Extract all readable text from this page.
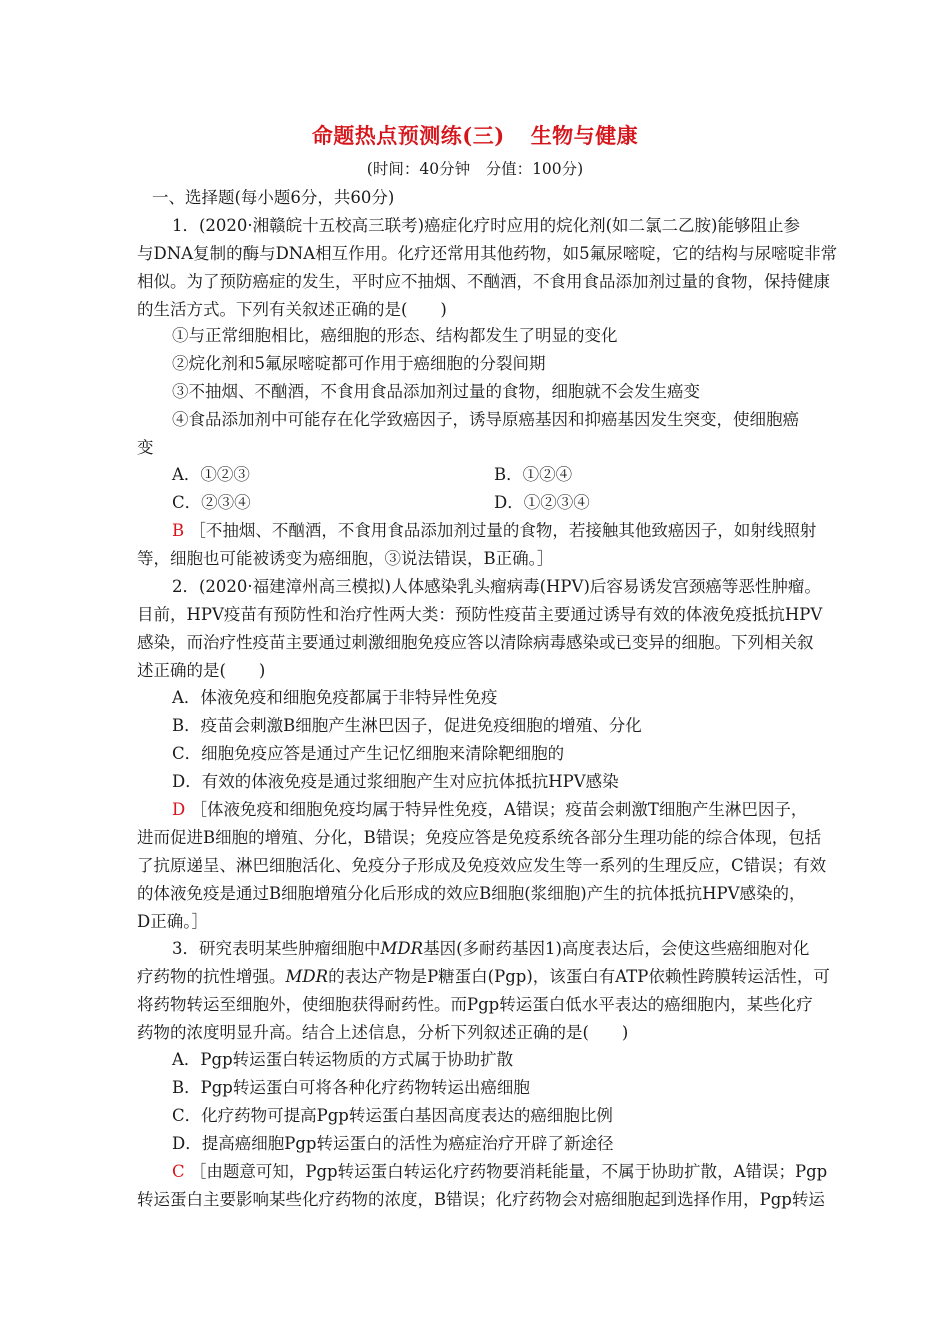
命题热点预测练(三) 生物与健康
(时间：40分钟　分值：100分)
一、选择题(每小题6分，共60分)
1．(2020·湘赣皖十五校高三联考)癌症化疗时应用的烷化剂(如二氯二乙胺)能够阻止参
与DNA复制的酶与DNA相互作用。化疗还常用其他药物，如5氟尿嘧啶，它的结构与尿嘧啶非常
相似。为了预防癌症的发生，平时应不抽烟、不酗酒，不食用食品添加剂过量的食物，保持健康
的生活方式。下列有关叙述正确的是(　　)
①与正常细胞相比，癌细胞的形态、结构都发生了明显的变化
②烷化剂和5氟尿嘧啶都可作用于癌细胞的分裂间期
③不抽烟、不酗酒，不食用食品添加剂过量的食物，细胞就不会发生癌变
④食品添加剂中可能存在化学致癌因子，诱导原癌基因和抑癌基因发生突变，使细胞癌
变
A．①②③	B．①②④
C．②③④	D．①②③④
B ［不抽烟、不酗酒，不食用食品添加剂过量的食物，若接触其他致癌因子，如射线照射
等，细胞也可能被诱变为癌细胞，③说法错误，B正确。］
2．(2020·福建漳州高三模拟)人体感染乳头瘤病毒(HPV)后容易诱发宫颈癌等恶性肿瘤。
目前，HPV疫苗有预防性和治疗性两大类：预防性疫苗主要通过诱导有效的体液免疫抵抗HPV
感染，而治疗性疫苗主要通过刺激细胞免疫应答以清除病毒感染或已变异的细胞。下列相关叙
述正确的是(　　)
A．体液免疫和细胞免疫都属于非特异性免疫
B．疫苗会刺激B细胞产生淋巴因子，促进免疫细胞的增殖、分化
C．细胞免疫应答是通过产生记忆细胞来清除靶细胞的
D．有效的体液免疫是通过浆细胞产生对应抗体抵抗HPV感染
D ［体液免疫和细胞免疫均属于特异性免疫，A错误；疫苗会刺激T细胞产生淋巴因子，
进而促进B细胞的增殖、分化，B错误；免疫应答是免疫系统各部分生理功能的综合体现，包括
了抗原递呈、淋巴细胞活化、免疫分子形成及免疫效应发生等一系列的生理反应，C错误；有效
的体液免疫是通过B细胞增殖分化后形成的效应B细胞(浆细胞)产生的抗体抵抗HPV感染的，
D正确。］
3．研究表明某些肿瘤细胞中MDR基因(多耐药基因1)高度表达后，会使这些癌细胞对化
疗药物的抗性增强。MDR的表达产物是P糖蛋白(Pgp)，该蛋白有ATP依赖性跨膜转运活性，可
将药物转运至细胞外，使细胞获得耐药性。而Pgp转运蛋白低水平表达的癌细胞内，某些化疗
药物的浓度明显升高。结合上述信息，分析下列叙述正确的是(　　)
A．Pgp转运蛋白转运物质的方式属于协助扩散
B．Pgp转运蛋白可将各种化疗药物转运出癌细胞
C．化疗药物可提高Pgp转运蛋白基因高度表达的癌细胞比例
D．提高癌细胞Pgp转运蛋白的活性为癌症治疗开辟了新途径
C ［由题意可知，Pgp转运蛋白转运化疗药物要消耗能量，不属于协助扩散，A错误；Pgp
转运蛋白主要影响某些化疗药物的浓度，B错误；化疗药物会对癌细胞起到选择作用，Pgp转运
